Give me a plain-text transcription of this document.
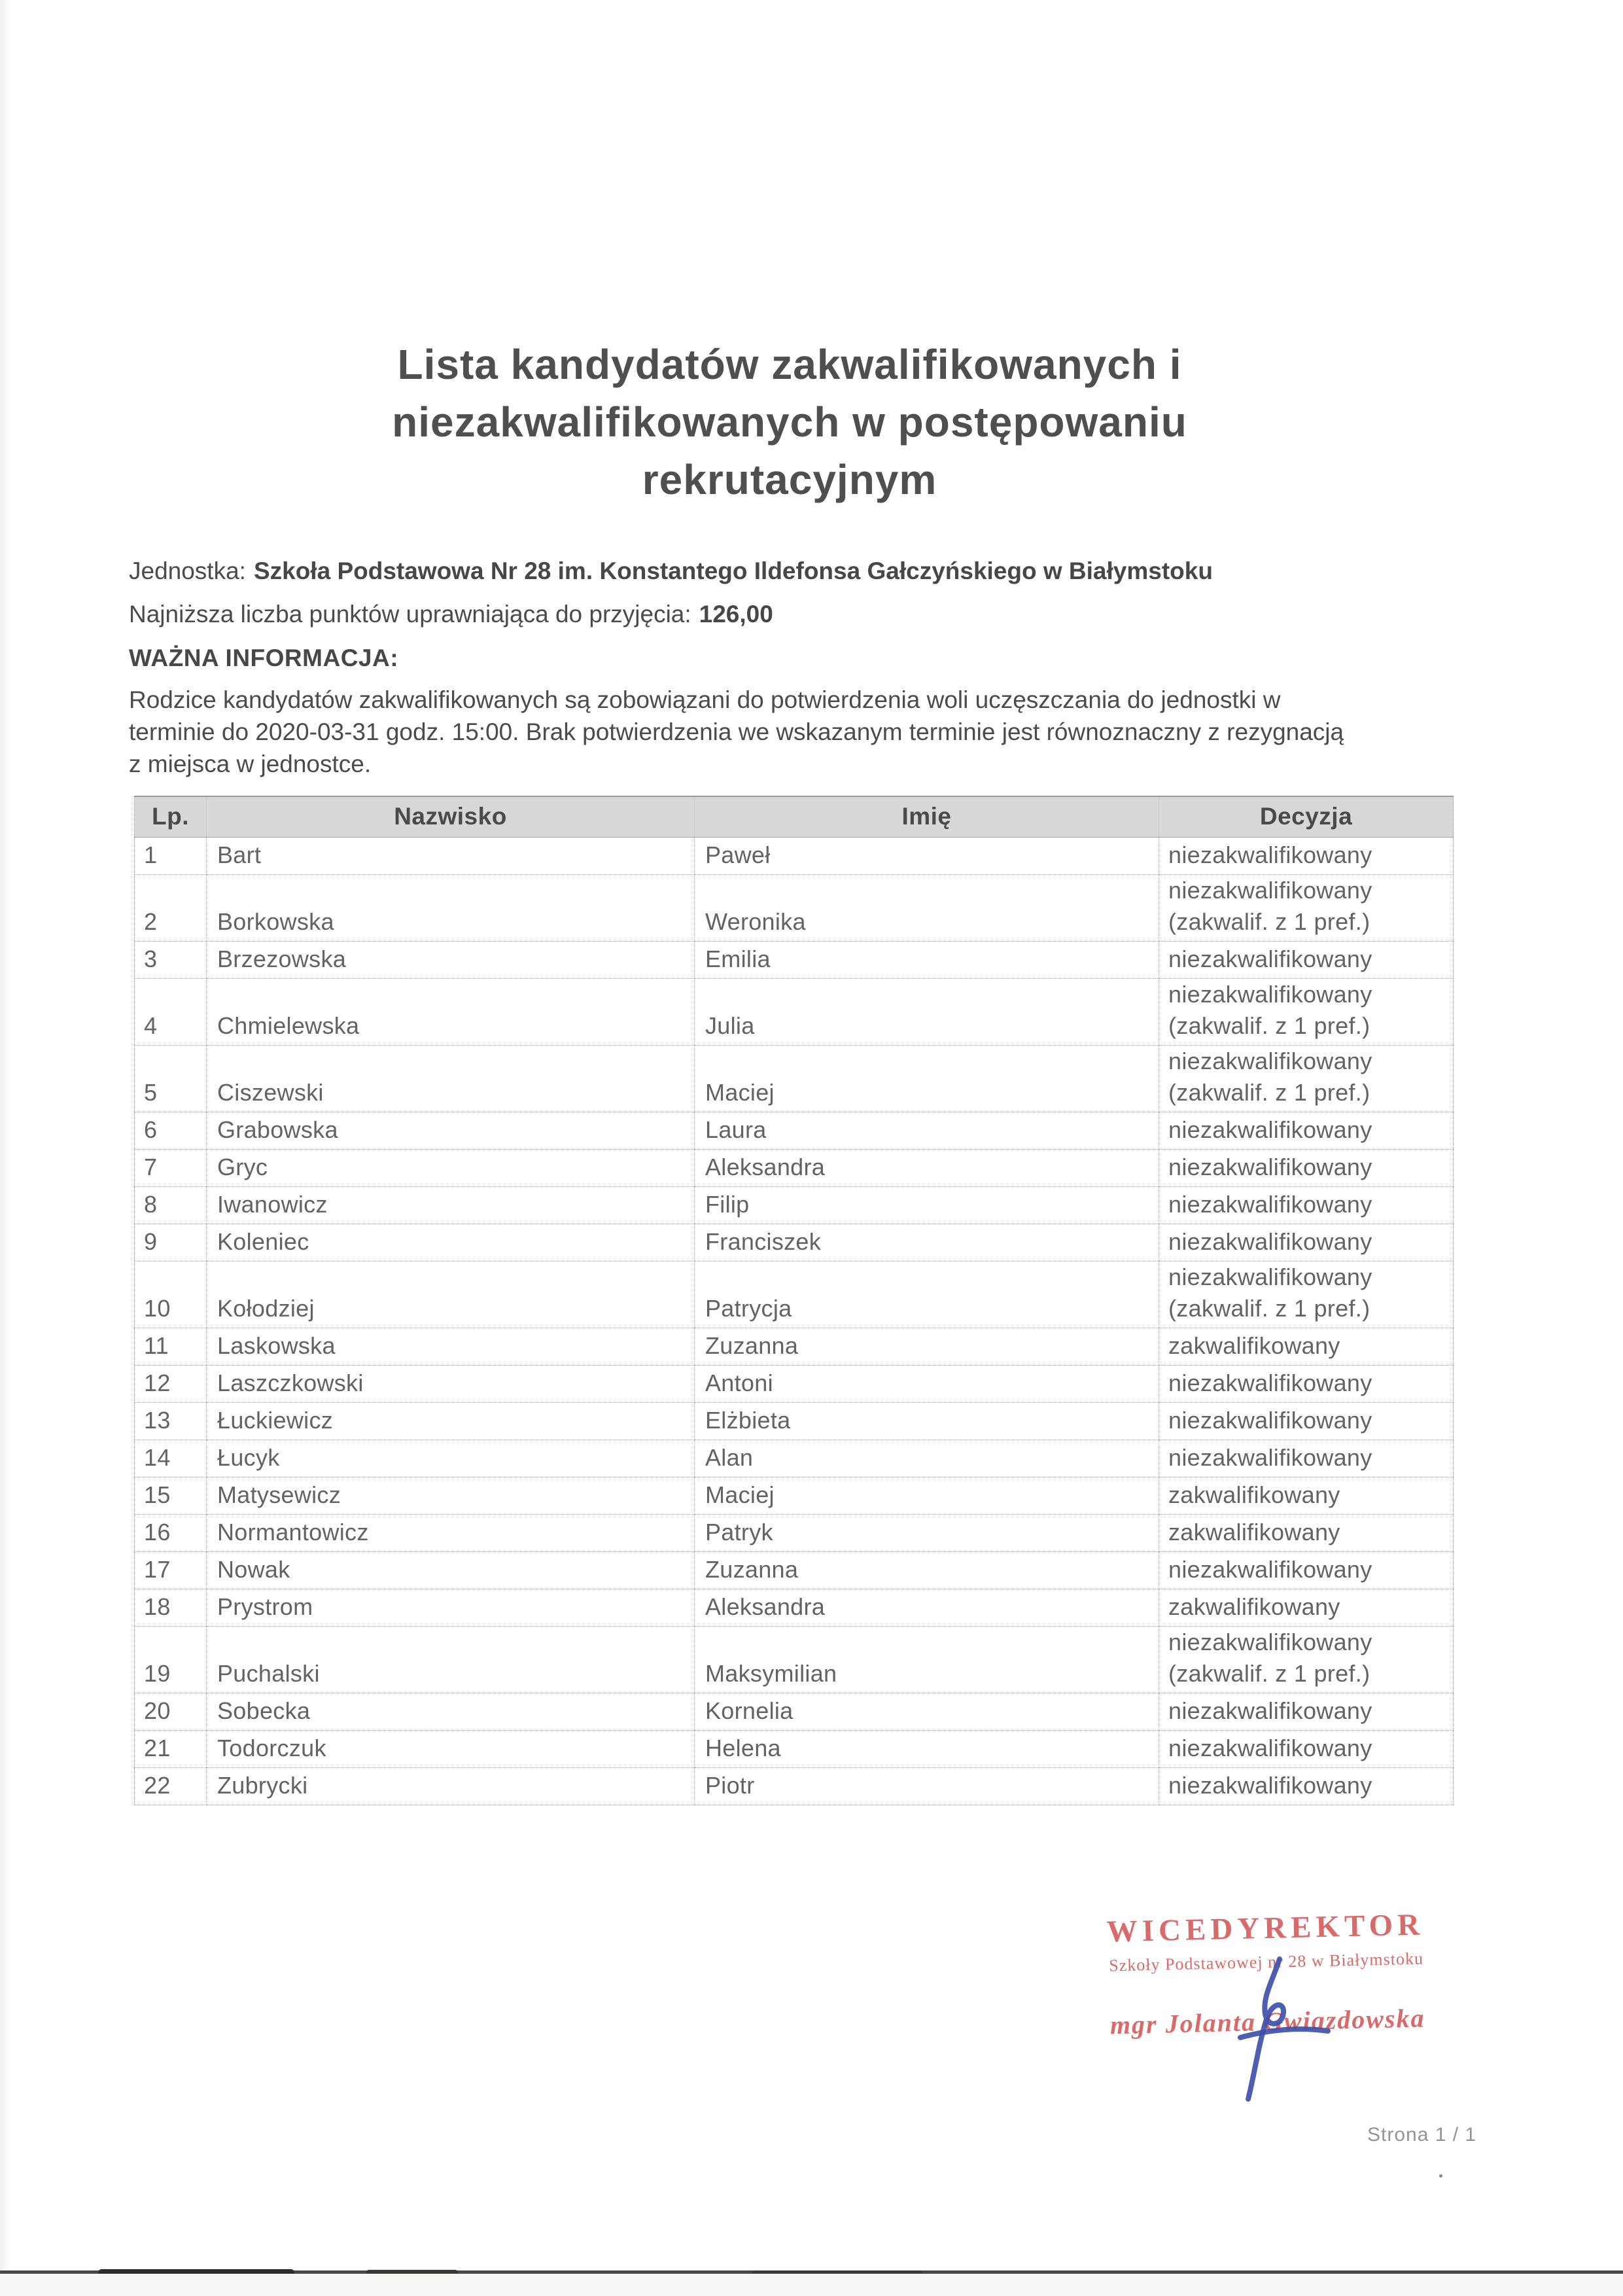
Lista kandydatów zakwalifikowanych i niezakwalifikowanych w postępowaniu rekrutacyjnym

Jednostka: Szkoła Podstawowa Nr 28 im. Konstantego Ildefonsa Gałczyńskiego w Białymstoku

Najniższa liczba punktów uprawniająca do przyjęcia: 126,00

WAŻNA INFORMACJA:

Rodzice kandydatów zakwalifikowanych są zobowiązani do potwierdzenia woli uczęszczania do jednostki w terminie do 2020-03-31 godz. 15:00. Brak potwierdzenia we wskazanym terminie jest równoznaczny z rezygnacją z miejsca w jednostce.

Lp.	Nazwisko	Imię	Decyzja
1	Bart	Paweł	niezakwalifikowany
2	Borkowska	Weronika	niezakwalifikowany (zakwalif. z 1 pref.)
3	Brzezowska	Emilia	niezakwalifikowany
4	Chmielewska	Julia	niezakwalifikowany (zakwalif. z 1 pref.)
5	Ciszewski	Maciej	niezakwalifikowany (zakwalif. z 1 pref.)
6	Grabowska	Laura	niezakwalifikowany
7	Gryc	Aleksandra	niezakwalifikowany
8	Iwanowicz	Filip	niezakwalifikowany
9	Koleniec	Franciszek	niezakwalifikowany
10	Kołodziej	Patrycja	niezakwalifikowany (zakwalif. z 1 pref.)
11	Laskowska	Zuzanna	zakwalifikowany
12	Laszczkowski	Antoni	niezakwalifikowany
13	Łuckiewicz	Elżbieta	niezakwalifikowany
14	Łucyk	Alan	niezakwalifikowany
15	Matysewicz	Maciej	zakwalifikowany
16	Normantowicz	Patryk	zakwalifikowany
17	Nowak	Zuzanna	niezakwalifikowany
18	Prystrom	Aleksandra	zakwalifikowany
19	Puchalski	Maksymilian	niezakwalifikowany (zakwalif. z 1 pref.)
20	Sobecka	Kornelia	niezakwalifikowany
21	Todorczuk	Helena	niezakwalifikowany
22	Zubrycki	Piotr	niezakwalifikowany
WICEDYREKTOR
Szkoły Podstawowej nr 28 w Białymstoku
mgr Jolanta Gwiazdowska
Strona 1 / 1
